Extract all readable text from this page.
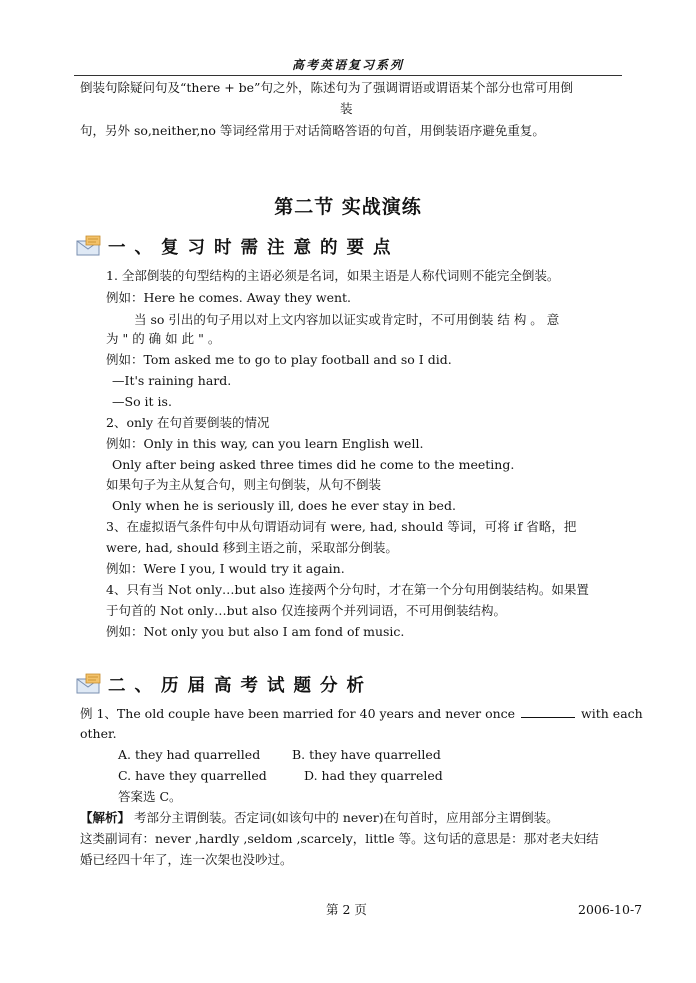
高考英语复习系列
倒装句除疑问句及“there + be”句之外，陈述句为了强调谓语或谓语某个部分也常可用倒
装
句，另外 so,neither,no 等词经常用于对话简略答语的句首，用倒装语序避免重复。
第二节 实战演练
一、复习时需注意的要点
1. 全部倒装的句型结构的主语必须是名词，如果主语是人称代词则不能完全倒装。
例如：Here he comes. Away they went.
当 so 引出的句子用以对上文内容加以证实或肯定时，不可用倒装 结 构 。 意
为 " 的 确 如 此 " 。
例如：Tom asked me to go to play football and so I did.
—It's raining hard.
—So it is.
2、only 在句首要倒装的情况
例如：Only in this way, can you learn English well.
Only after being asked three times did he come to the meeting.
如果句子为主从复合句，则主句倒装，从句不倒装
Only when he is seriously ill, does he ever stay in bed.
3、在虚拟语气条件句中从句谓语动词有 were, had, should 等词，可将 if 省略，把
were, had, should 移到主语之前，采取部分倒装。
例如：Were I you, I would try it again.
4、只有当 Not only…but also 连接两个分句时，才在第一个分句用倒装结构。如果置
于句首的 Not only…but also 仅连接两个并列词语，不可用倒装结构。
例如：Not only you but also I am fond of music.
二、历届高考试题分析
例 1、The old couple have been married for 40 years and never once	with each
other.
A. they had quarrelled	B. they have quarrelled
C. have they quarrelled	D. had they quarreled
答案选 C。
【解析】 考部分主谓倒装。否定词(如该句中的 never)在句首时，应用部分主谓倒装。
这类副词有：never ,hardly ,seldom ,scarcely，little 等。这句话的意思是：那对老夫妇结
婚已经四十年了，连一次架也没吵过。
第 2 页	2006-10-7
